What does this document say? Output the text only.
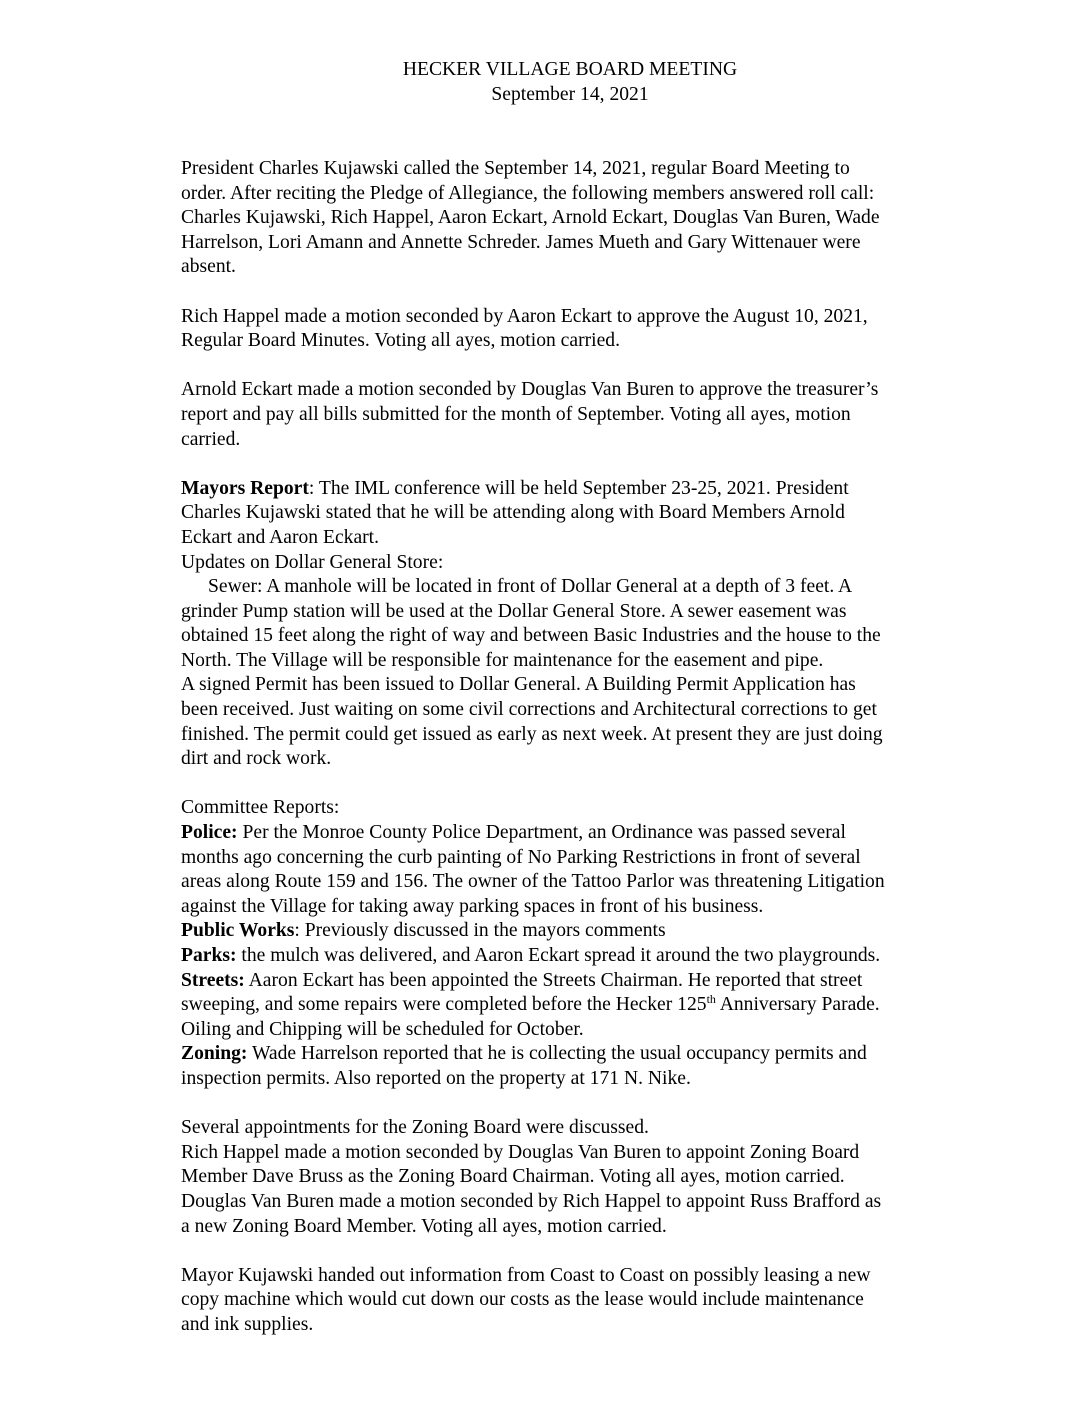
HECKER VILLAGE BOARD MEETING
September 14, 2021
President Charles Kujawski called the September 14, 2021, regular Board Meeting to
order. After reciting the Pledge of Allegiance, the following members answered roll call:
Charles Kujawski, Rich Happel, Aaron Eckart, Arnold Eckart, Douglas Van Buren, Wade
Harrelson, Lori Amann and Annette Schreder. James Mueth and Gary Wittenauer were
absent.
Rich Happel made a motion seconded by Aaron Eckart to approve the August 10, 2021,
Regular Board Minutes. Voting all ayes, motion carried.
Arnold Eckart made a motion seconded by Douglas Van Buren to approve the treasurer’s
report and pay all bills submitted for the month of September. Voting all ayes, motion
carried.
Mayors Report: The IML conference will be held September 23-25, 2021. President
Charles Kujawski stated that he will be attending along with Board Members Arnold
Eckart and Aaron Eckart.
Updates on Dollar General Store:
Sewer: A manhole will be located in front of Dollar General at a depth of 3 feet. A
grinder Pump station will be used at the Dollar General Store. A sewer easement was
obtained 15 feet along the right of way and between Basic Industries and the house to the
North. The Village will be responsible for maintenance for the easement and pipe.
A signed Permit has been issued to Dollar General. A Building Permit Application has
been received. Just waiting on some civil corrections and Architectural corrections to get
finished. The permit could get issued as early as next week. At present they are just doing
dirt and rock work.
Committee Reports:
Police: Per the Monroe County Police Department, an Ordinance was passed several
months ago concerning the curb painting of No Parking Restrictions in front of several
areas along Route 159 and 156. The owner of the Tattoo Parlor was threatening Litigation
against the Village for taking away parking spaces in front of his business.
Public Works: Previously discussed in the mayors comments
Parks: the mulch was delivered, and Aaron Eckart spread it around the two playgrounds.
Streets: Aaron Eckart has been appointed the Streets Chairman. He reported that street
sweeping, and some repairs were completed before the Hecker 125th Anniversary Parade.
Oiling and Chipping will be scheduled for October.
Zoning: Wade Harrelson reported that he is collecting the usual occupancy permits and
inspection permits. Also reported on the property at 171 N. Nike.
Several appointments for the Zoning Board were discussed.
Rich Happel made a motion seconded by Douglas Van Buren to appoint Zoning Board
Member Dave Bruss as the Zoning Board Chairman. Voting all ayes, motion carried.
Douglas Van Buren made a motion seconded by Rich Happel to appoint Russ Brafford as
a new Zoning Board Member. Voting all ayes, motion carried.
Mayor Kujawski handed out information from Coast to Coast on possibly leasing a new
copy machine which would cut down our costs as the lease would include maintenance
and ink supplies.
